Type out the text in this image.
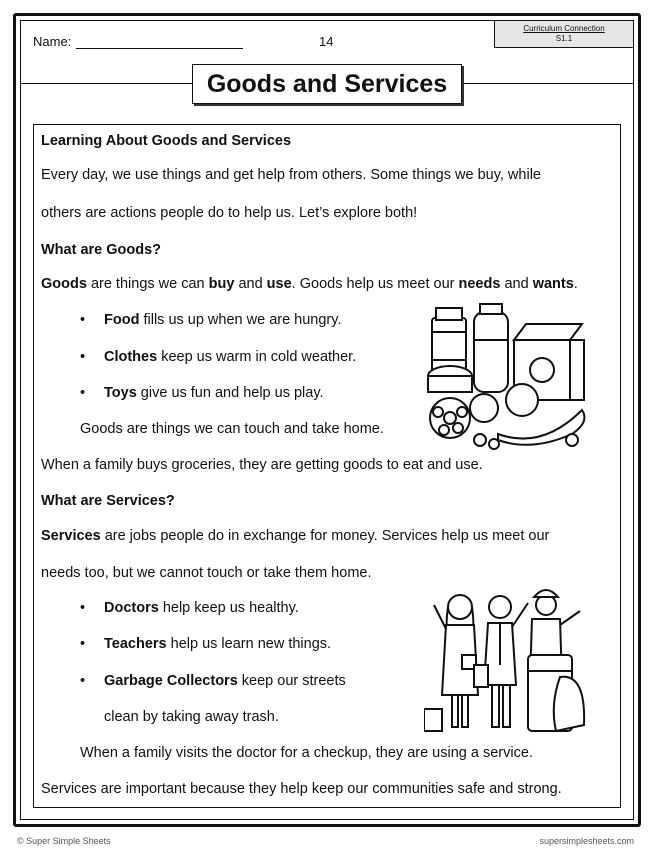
Name:	14
Curriculum Connection
S1.1
Goods and Services
Learning About Goods and Services
Every day, we use things and get help from others. Some things we buy, while
others are actions people do to help us. Let’s explore both!
What are Goods?
Goods are things we can buy and use. Goods help us meet our needs and wants.
• Food fills us up when we are hungry.
• Clothes keep us warm in cold weather.
• Toys give us fun and help us play.
Goods are things we can touch and take home.
When a family buys groceries, they are getting goods to eat and use.
What are Services?
Services are jobs people do in exchange for money. Services help us meet our
needs too, but we cannot touch or take them home.
• Doctors help keep us healthy.
• Teachers help us learn new things.
• Garbage Collectors keep our streets
clean by taking away trash.
When a family visits the doctor for a checkup, they are using a service.
Services are important because they help keep our communities safe and strong.
© Super Simple Sheets	supersimplesheets.com
